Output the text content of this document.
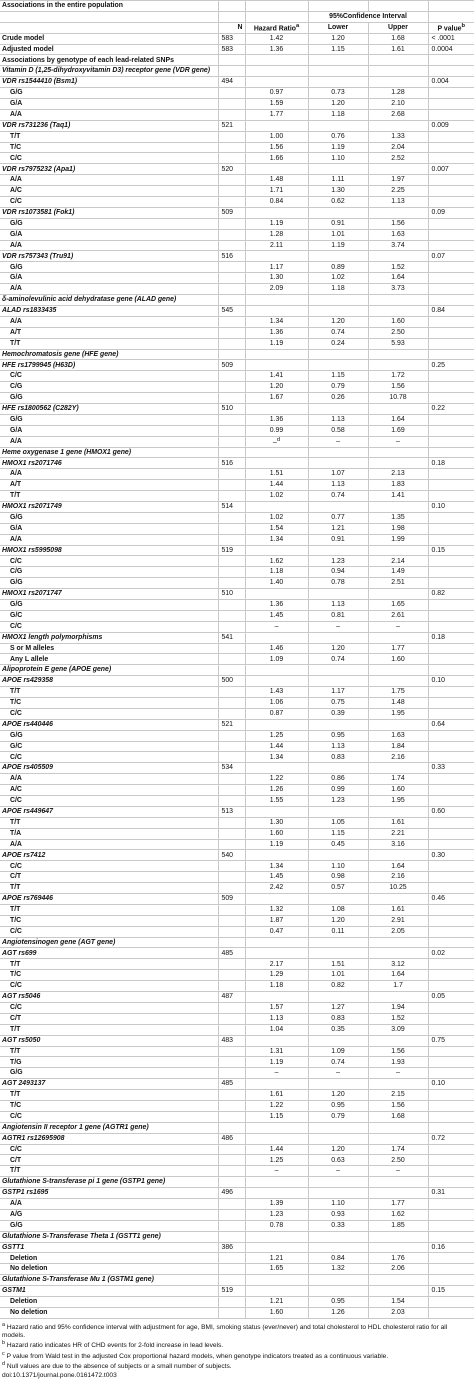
Associations in the entire population					
			95%Confidence Interval		
	N	Hazard Ratio$^a$	Lower	Upper	P value$^b$
Crude model	583	1.42	1.20	1.68	< .0001
Adjusted model	583	1.36	1.15	1.61	0.0004
Associations by genotype of each lead-related SNPs					
Vitamin D (1,25-dihydroxyvitamin D3) receptor gene (VDR gene)					
VDR rs1544410 (Bsm1)	494				0.004
G/G		0.97	0.73	1.28	
G/A		1.59	1.20	2.10	
A/A		1.77	1.18	2.68	
VDR rs731236 (Taq1)	521				0.009
T/T		1.00	0.76	1.33	
T/C		1.56	1.19	2.04	
C/C		1.66	1.10	2.52	
VDR rs7975232 (Apa1)	520				0.007
A/A		1.48	1.11	1.97	
A/C		1.71	1.30	2.25	
C/C		0.84	0.62	1.13	
VDR rs1073581 (Fok1)	509				0.09
G/G		1.19	0.91	1.56	
G/A		1.28	1.01	1.63	
A/A		2.11	1.19	3.74	
VDR rs757343 (Tru91)	516				0.07
G/G		1.17	0.89	1.52	
G/A		1.30	1.02	1.64	
A/A		2.09	1.18	3.73	
δ-aminolevulinic acid dehydratase gene (ALAD gene)					
ALAD rs1833435	545				0.84
A/A		1.34	1.20	1.60	
A/T		1.36	0.74	2.50	
T/T		1.19	0.24	5.93	
Hemochromatosis gene (HFE gene)					
HFE rs1799945 (H63D)	509				0.25
C/C		1.41	1.15	1.72	
C/G		1.20	0.79	1.56	
G/G		1.67	0.26	10.78	
HFE rs1800562 (C282Y)	510				0.22
G/G		1.36	1.13	1.64	
G/A		0.99	0.58	1.69	
A/A		–$^d$	–	–	
Heme oxygenase 1 gene (HMOX1 gene)					
HMOX1 rs2071746	516				0.18
A/A		1.51	1.07	2.13	
A/T		1.44	1.13	1.83	
T/T		1.02	0.74	1.41	
HMOX1 rs2071749	514				0.10
G/G		1.02	0.77	1.35	
G/A		1.54	1.21	1.98	
A/A		1.34	0.91	1.99	
HMOX1 rs5995098	519				0.15
C/C		1.62	1.23	2.14	
C/G		1.18	0.94	1.49	
G/G		1.40	0.78	2.51	
HMOX1 rs2071747	510				0.82
G/G		1.36	1.13	1.65	
G/C		1.45	0.81	2.61	
C/C		–	–	–	
HMOX1 length polymorphisms	541				0.18
S or M alleles		1.46	1.20	1.77	
Any L allele		1.09	0.74	1.60	
Alipoprotein E gene (APOE gene)					
APOE rs429358	500				0.10
T/T		1.43	1.17	1.75	
T/C		1.06	0.75	1.48	
C/C		0.87	0.39	1.95	
APOE rs440446	521				0.64
G/G		1.25	0.95	1.63	
G/C		1.44	1.13	1.84	
C/C		1.34	0.83	2.16	
APOE rs405509	534				0.33
A/A		1.22	0.86	1.74	
A/C		1.26	0.99	1.60	
C/C		1.55	1.23	1.95	
APOE rs449647	513				0.60
T/T		1.30	1.05	1.61	
T/A		1.60	1.15	2.21	
A/A		1.19	0.45	3.16	
APOE rs7412	540				0.30
C/C		1.34	1.10	1.64	
C/T		1.45	0.98	2.16	
T/T		2.42	0.57	10.25	
APOE rs769446	509				0.46
T/T		1.32	1.08	1.61	
T/C		1.87	1.20	2.91	
C/C		0.47	0.11	2.05	
Angiotensinogen gene (AGT gene)					
AGT rs699	485				0.02
T/T		2.17	1.51	3.12	
T/C		1.29	1.01	1.64	
C/C		1.18	0.82	1.7	
AGT rs5046	487				0.05
C/C		1.57	1.27	1.94	
C/T		1.13	0.83	1.52	
T/T		1.04	0.35	3.09	
AGT rs5050	483				0.75
T/T		1.31	1.09	1.56	
T/G		1.19	0.74	1.93	
G/G		–	–	–	
AGT 2493137	485				0.10
T/T		1.61	1.20	2.15	
T/C		1.22	0.95	1.56	
C/C		1.15	0.79	1.68	
Angiotensin II receptor 1 gene (AGTR1 gene)					
AGTR1 rs12695908	486				0.72
C/C		1.44	1.20	1.74	
C/T		1.25	0.63	2.50	
T/T		–	–	–	
Glutathione S-transferase pi 1 gene (GSTP1 gene)					
GSTP1 rs1695	496				0.31
A/A		1.39	1.10	1.77	
A/G		1.23	0.93	1.62	
G/G		0.78	0.33	1.85	
Glutathione S-Transferase Theta 1 (GSTT1 gene)					
GSTT1	386				0.16
Deletion		1.21	0.84	1.76	
No deletion		1.65	1.32	2.06	
Glutathione S-Transferase Mu 1 (GSTM1 gene)					
GSTM1	519				0.15
Deletion		1.21	0.95	1.54	
No deletion		1.60	1.26	2.03	
$^a$ Hazard ratio and 95% confidence interval with adjustment for age, BMI, smoking status (ever/never) and total cholesterol to HDL cholesterol ratio for all models.
$^b$ Hazard ratio indicates HR of CHD events for 2-fold increase in lead levels.
$^c$ P value from Wald test in the adjusted Cox proportional hazard models, when genotype indicators treated as a continuous variable.
$^d$ Null values are due to the absence of subjects or a small number of subjects.
doi:10.1371/journal.pone.0161472.t003
